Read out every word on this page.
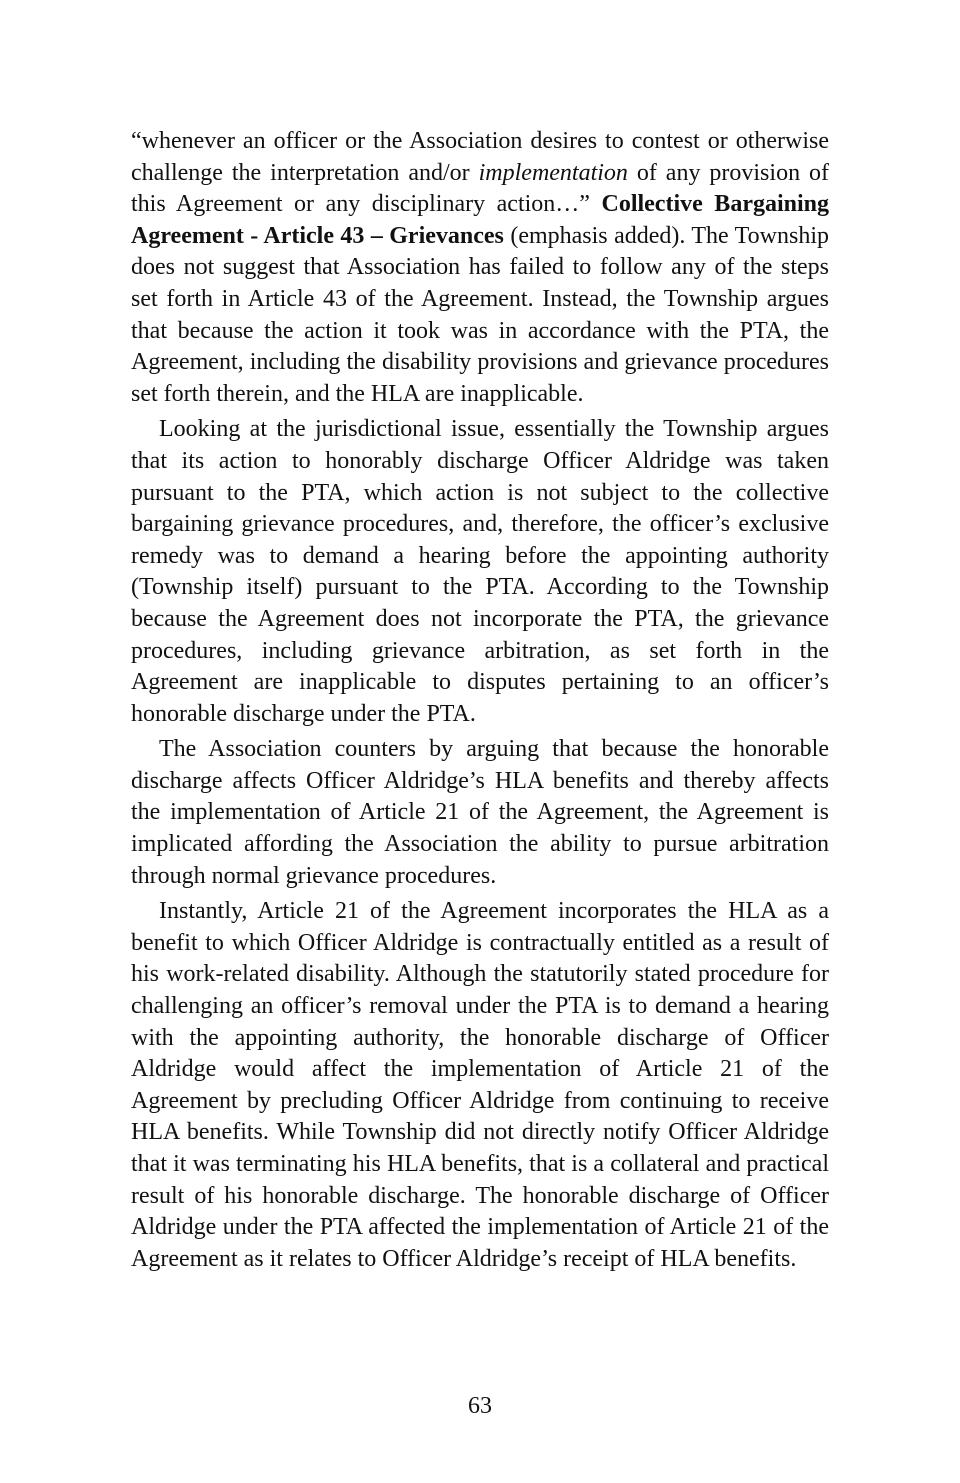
“whenever an officer or the Association desires to contest or otherwise challenge the interpretation and/or implementation of any provision of this Agreement or any disciplinary action…” Collective Bargaining Agreement - Article 43 – Grievances (emphasis added). The Township does not suggest that Association has failed to follow any of the steps set forth in Article 43 of the Agreement. Instead, the Township argues that because the action it took was in accordance with the PTA, the Agreement, including the disability provisions and grievance procedures set forth therein, and the HLA are inapplicable.

Looking at the jurisdictional issue, essentially the Township argues that its action to honorably discharge Officer Aldridge was taken pursuant to the PTA, which action is not subject to the collective bargaining grievance procedures, and, therefore, the officer’s exclusive remedy was to demand a hearing before the appointing authority (Township itself) pursuant to the PTA. According to the Township because the Agreement does not incorporate the PTA, the grievance procedures, including grievance arbitration, as set forth in the Agreement are inapplicable to disputes pertaining to an officer’s honorable discharge under the PTA.

The Association counters by arguing that because the honorable discharge affects Officer Aldridge’s HLA benefits and thereby affects the implementation of Article 21 of the Agreement, the Agreement is implicated affording the Association the ability to pursue arbitration through normal grievance procedures.

Instantly, Article 21 of the Agreement incorporates the HLA as a benefit to which Officer Aldridge is contractually entitled as a result of his work-related disability. Although the statutorily stated procedure for challenging an officer’s removal under the PTA is to demand a hearing with the appointing authority, the honorable discharge of Officer Aldridge would affect the implementation of Article 21 of the Agreement by precluding Officer Aldridge from continuing to receive HLA benefits. While Township did not directly notify Officer Aldridge that it was terminating his HLA benefits, that is a collateral and practical result of his honorable discharge. The honorable discharge of Officer Aldridge under the PTA affected the implementation of Article 21 of the Agreement as it relates to Officer Aldridge’s receipt of HLA benefits.

63
